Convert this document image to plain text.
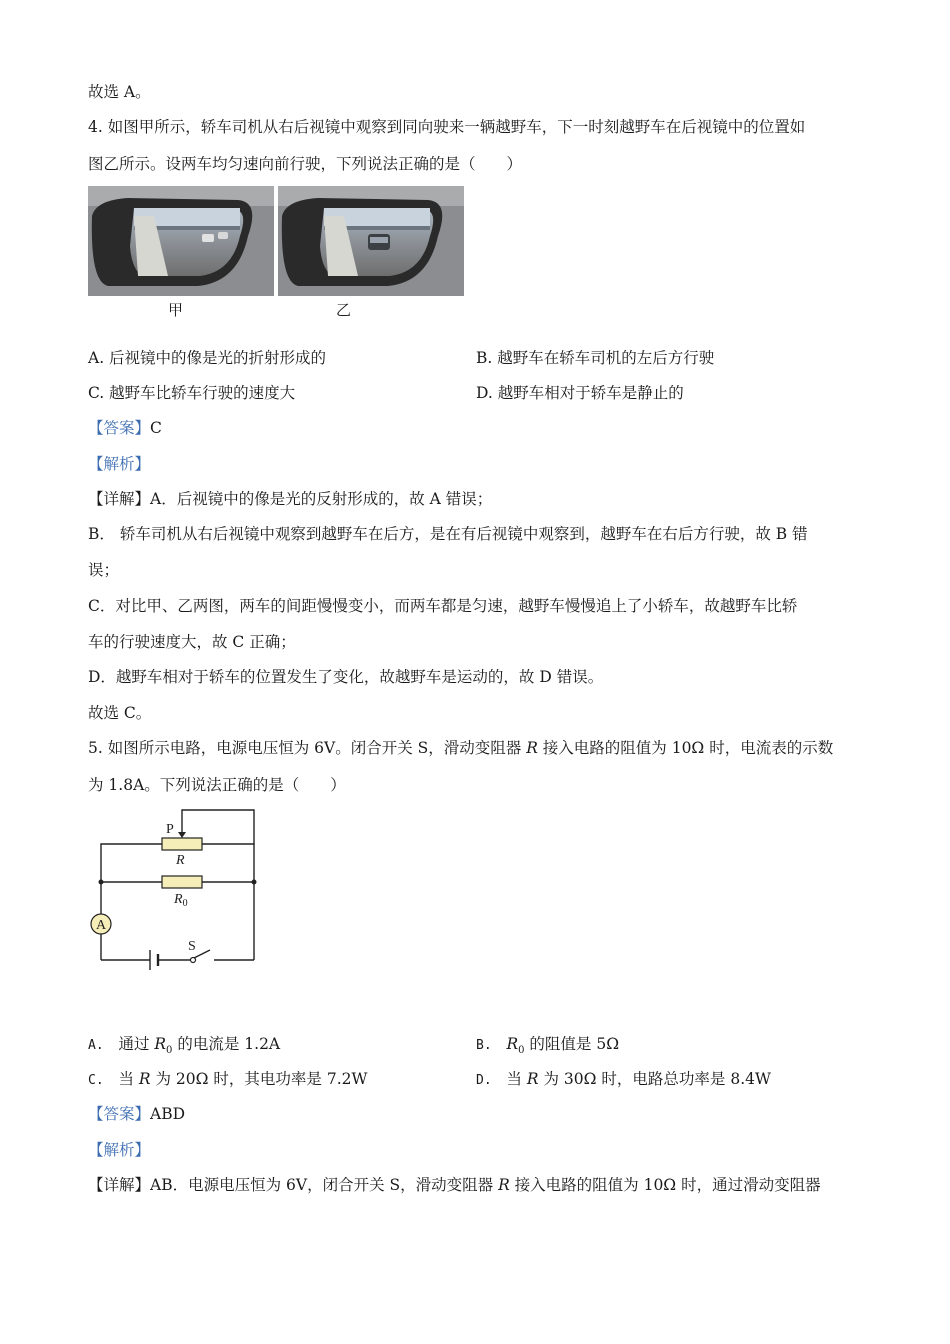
故选 A。
4. 如图甲所示，轿车司机从右后视镜中观察到同向驶来一辆越野车，下一时刻越野车在后视镜中的位置如
图乙所示。设两车均匀速向前行驶，下列说法正确的是（　　）
甲	乙
A. 后视镜中的像是光的折射形成的	B. 越野车在轿车司机的左后方行驶
C. 越野车比轿车行驶的速度大	D. 越野车相对于轿车是静止的
【答案】C
【解析】
【详解】A．后视镜中的像是光的反射形成的，故 A 错误；
B． 轿车司机从右后视镜中观察到越野车在后方，是在有后视镜中观察到，越野车在右后方行驶，故 B 错
误；
C．对比甲、乙两图，两车的间距慢慢变小，而两车都是匀速，越野车慢慢追上了小轿车，故越野车比轿
车的行驶速度大，故 C 正确；
D．越野车相对于轿车的位置发生了变化，故越野车是运动的，故 D 错误。
故选 C。
5. 如图所示电路，电源电压恒为 6V。闭合开关 S，滑动变阻器 R 接入电路的阻值为 10Ω 时，电流表的示数
为 1.8A。下列说法正确的是（　　）
A
P
R
$R_0$
S
A. 通过 $R_0$ 的电流是 1.2A	B. $R_0$ 的阻值是 5Ω
C. 当 R 为 20Ω 时，其电功率是 7.2W	D. 当 R 为 30Ω 时，电路总功率是 8.4W
【答案】ABD
【解析】
【详解】AB．电源电压恒为 6V，闭合开关 S，滑动变阻器 R 接入电路的阻值为 10Ω 时，通过滑动变阻器
